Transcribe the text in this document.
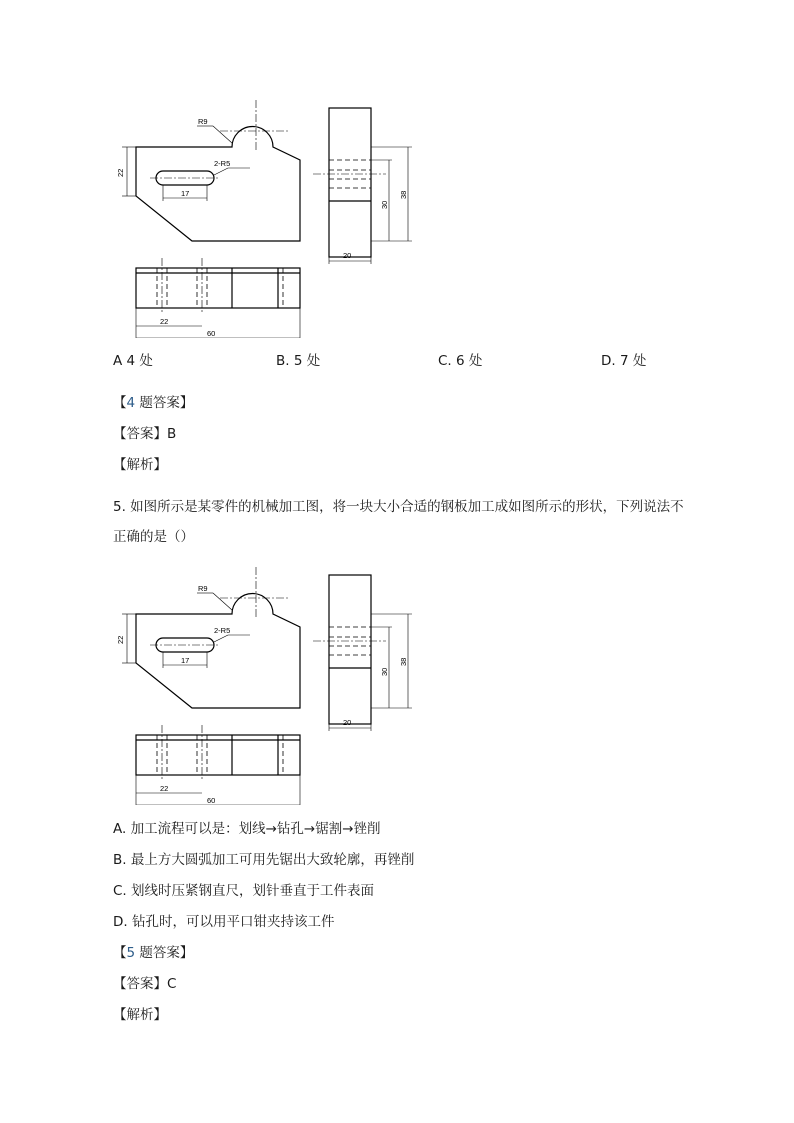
R9
2-R5
17
22
30
38
20
22
60
A 4 处	B. 5 处	C. 6 处	D. 7 处
【4 题答案】
【答案】B
【解析】
5. 如图所示是某零件的机械加工图，将一块大小合适的钢板加工成如图所示的形状，下列说法不
正确的是（）
R9
2-R5
17
22
30
38
20
22
60
A. 加工流程可以是：划线→钻孔→锯割→锉削
B. 最上方大圆弧加工可用先锯出大致轮廓，再锉削
C. 划线时压紧钢直尺，划针垂直于工件表面
D. 钻孔时，可以用平口钳夹持该工件
【5 题答案】
【答案】C
【解析】
